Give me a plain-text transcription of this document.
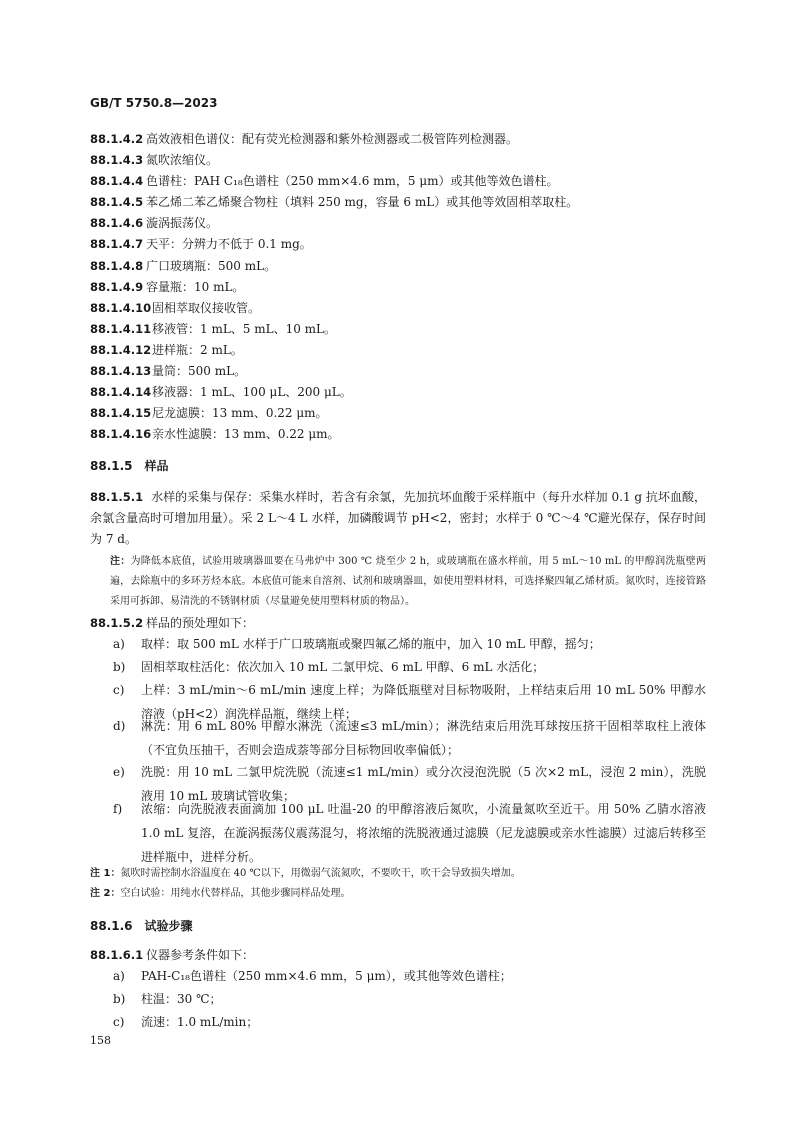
GB/T 5750.8—2023
88.1.4.2 高效液相色谱仪：配有荧光检测器和紫外检测器或二极管阵列检测器。
88.1.4.3 氮吹浓缩仪。
88.1.4.4 色谱柱：PAH C₁₈色谱柱（250 mm×4.6 mm，5 μm）或其他等效色谱柱。
88.1.4.5 苯乙烯二苯乙烯聚合物柱（填料 250 mg，容量 6 mL）或其他等效固相萃取柱。
88.1.4.6 漩涡振荡仪。
88.1.4.7 天平：分辨力不低于 0.1 mg。
88.1.4.8 广口玻璃瓶：500 mL。
88.1.4.9 容量瓶：10 mL。
88.1.4.10固相萃取仪接收管。
88.1.4.11移液管：1 mL、5 mL、10 mL。
88.1.4.12进样瓶：2 mL。
88.1.4.13量筒：500 mL。
88.1.4.14移液器：1 mL、100 μL、200 μL。
88.1.4.15尼龙滤膜：13 mm、0.22 μm。
88.1.4.16亲水性滤膜：13 mm、0.22 μm。
88.1.5 样品
88.1.5.1 水样的采集与保存：采集水样时，若含有余氯，先加抗坏血酸于采样瓶中（每升水样加 0.1 g 抗坏血酸，余氯含量高时可增加用量）。采 2 L～4 L 水样，加磷酸调节 pH<2，密封；水样于 0 ℃～4 ℃避光保存，保存时间为 7 d。
注：为降低本底值，试验用玻璃器皿要在马弗炉中 300 ℃ 烧至少 2 h，或玻璃瓶在盛水样前，用 5 mL～10 mL 的甲醇润洗瓶壁两遍，去除瓶中的多环芳烃本底。本底值可能来自溶剂、试剂和玻璃器皿，如使用塑料材料，可选择聚四氟乙烯材质。氮吹时，连接管路采用可拆卸、易清洗的不锈钢材质（尽量避免使用塑料材质的物品）。
88.1.5.2 样品的预处理如下：
a)	取样：取 500 mL 水样于广口玻璃瓶或聚四氟乙烯的瓶中，加入 10 mL 甲醇，摇匀；
b)	固相萃取柱活化：依次加入 10 mL 二氯甲烷、6 mL 甲醇、6 mL 水活化；
c)	上样：3 mL/min～6 mL/min 速度上样；为降低瓶壁对目标物吸附，上样结束后用 10 mL 50% 甲醇水溶液（pH<2）润洗样品瓶，继续上样；
d)	淋洗：用 6 mL 80% 甲醇水淋洗（流速≤3 mL/min）；淋洗结束后用洗耳球按压挤干固相萃取柱上液体（不宜负压抽干，否则会造成萘等部分目标物回收率偏低）；
e)	洗脱：用 10 mL 二氯甲烷洗脱（流速≤1 mL/min）或分次浸泡洗脱（5 次×2 mL，浸泡 2 min），洗脱液用 10 mL 玻璃试管收集；
f)	浓缩：向洗脱液表面滴加 100 μL 吐温-20 的甲醇溶液后氮吹，小流量氮吹至近干。用 50% 乙腈水溶液 1.0 mL 复溶，在漩涡振荡仪震荡混匀，将浓缩的洗脱液通过滤膜（尼龙滤膜或亲水性滤膜）过滤后转移至进样瓶中，进样分析。
注 1：氮吹时需控制水浴温度在 40 ℃以下，用微弱气流氮吹，不要吹干，吹干会导致损失增加。
注 2：空白试验：用纯水代替样品，其他步骤同样品处理。
88.1.6 试验步骤
88.1.6.1 仪器参考条件如下：
a)	PAH-C₁₈色谱柱（250 mm×4.6 mm，5 μm），或其他等效色谱柱；
b)	柱温：30 ℃；
c)	流速：1.0 mL/min；
158
